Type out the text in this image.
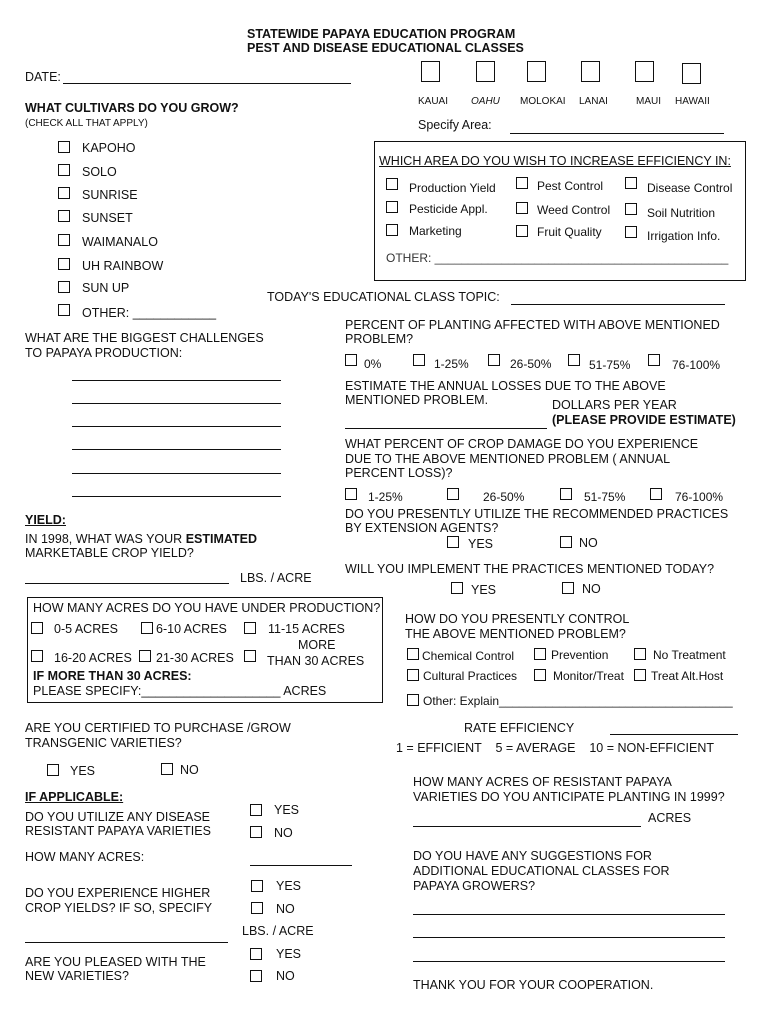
STATEWIDE PAPAYA EDUCATION PROGRAM
PEST AND DISEASE EDUCATIONAL CLASSES
DATE:
KAUAI OAHU MOLOKAI LANAI	MAUI HAWAII
Specify Area:
WHAT CULTIVARS DO YOU GROW?
(CHECK ALL THAT APPLY)
KAPOHO
SOLO
SUNRISE
SUNSET
WAIMANALO
UH RAINBOW
SUN UP
OTHER: ____________
WHICH AREA DO YOU WISH TO INCREASE EFFICIENCY IN:
Production Yield	Pest Control	Disease Control
Pesticide Appl.	Weed Control	Soil Nutrition
Marketing	Fruit Quality	Irrigation Info.
OTHER: ____________________________________________
TODAY'S EDUCATIONAL CLASS TOPIC:
WHAT ARE THE BIGGEST CHALLENGES
TO PAPAYA PRODUCTION:
PERCENT OF PLANTING AFFECTED WITH ABOVE MENTIONED
PROBLEM?
0%	1-25%	26-50%	51-75%	76-100%
ESTIMATE THE ANNUAL LOSSES DUE TO THE ABOVE
MENTIONED PROBLEM.	DOLLARS PER YEAR
(PLEASE PROVIDE ESTIMATE)
WHAT PERCENT OF CROP DAMAGE DO YOU EXPERIENCE
DUE TO THE ABOVE MENTIONED PROBLEM ( ANNUAL
PERCENT LOSS)?
1-25%	26-50%	51-75%	76-100%
YIELD:
IN 1998, WHAT WAS YOUR ESTIMATED
MARKETABLE CROP YIELD?
LBS. / ACRE
DO YOU PRESENTLY UTILIZE THE RECOMMENDED PRACTICES
BY EXTENSION AGENTS?
YES	NO
WILL YOU IMPLEMENT THE PRACTICES MENTIONED TODAY?
YES	NO
HOW MANY ACRES DO YOU HAVE UNDER PRODUCTION?
0-5 ACRES	6-10 ACRES	11-15 ACRES
MORE
16-20 ACRES 21-30 ACRES	THAN 30 ACRES
IF MORE THAN 30 ACRES:
PLEASE SPECIFY:____________________ ACRES
HOW DO YOU PRESENTLY CONTROL
THE ABOVE MENTIONED PROBLEM?
Chemical Control	Prevention	No Treatment
Cultural Practices	Monitor/Treat Treat Alt.Host
Other: Explain___________________________________
ARE YOU CERTIFIED TO PURCHASE /GROW
TRANSGENIC VARIETIES?
YES	NO
RATE EFFICIENCY
1 = EFFICIENT    5 = AVERAGE    10 = NON-EFFICIENT
HOW MANY ACRES OF RESISTANT PAPAYA
VARIETIES DO YOU ANTICIPATE PLANTING IN 1999?
ACRES
IF APPLICABLE:
DO YOU UTILIZE ANY DISEASE
RESISTANT PAPAYA VARIETIES
YES
NO
HOW MANY ACRES:
DO YOU EXPERIENCE HIGHER
CROP YIELDS? IF SO, SPECIFY
YES
NO
LBS. / ACRE
ARE YOU PLEASED WITH THE
NEW VARIETIES?
YES
NO
DO YOU HAVE ANY SUGGESTIONS FOR
ADDITIONAL EDUCATIONAL CLASSES FOR
PAPAYA GROWERS?
THANK YOU FOR YOUR COOPERATION.
